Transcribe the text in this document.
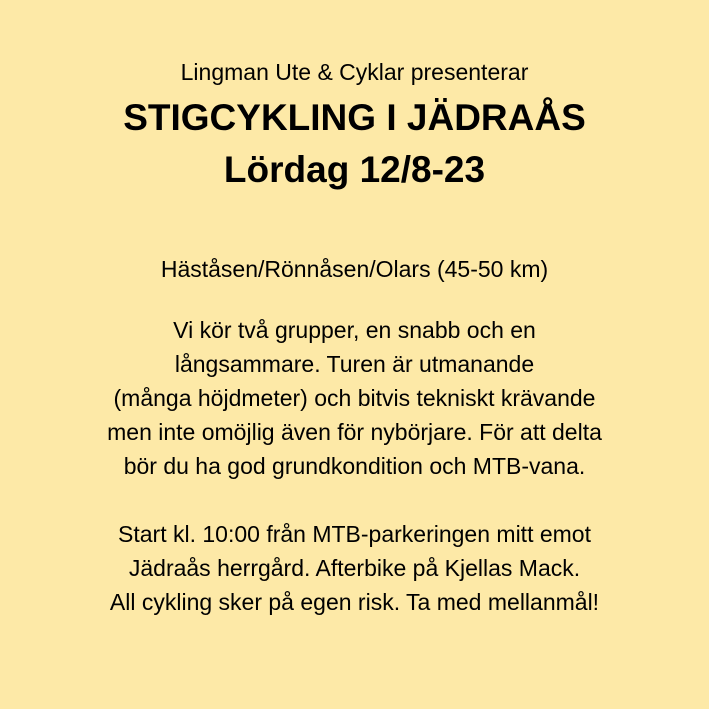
Lingman Ute & Cyklar presenterar
STIGCYKLING I JÄDRAÅS
Lördag 12/8-23
Häståsen/Rönnåsen/Olars (45-50 km)
Vi kör två grupper, en snabb och en
långsammare. Turen är utmanande
(många höjdmeter) och bitvis tekniskt krävande
men inte omöjlig även för nybörjare. För att delta
bör du ha god grundkondition och MTB-vana.
Start kl. 10:00 från MTB-parkeringen mitt emot
Jädraås herrgård. Afterbike på Kjellas Mack.
All cykling sker på egen risk. Ta med mellanmål!
